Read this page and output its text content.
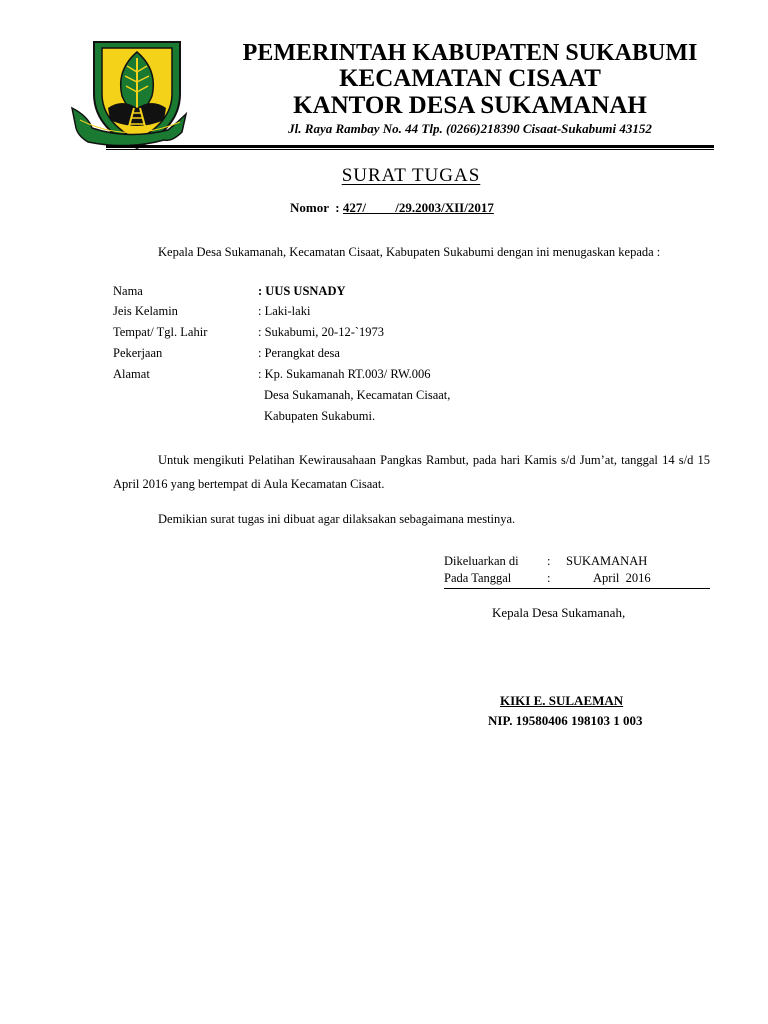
PEMERINTAH KABUPATEN SUKABUMI
KECAMATAN CISAAT
KANTOR DESA SUKAMANAH
Jl. Raya Rambay No. 44 Tlp. (0266)218390 Cisaat-Sukabumi 43152
SURAT TUGAS
Nomor : 427/         /29.2003/XII/2017
Kepala Desa Sukamanah, Kecamatan Cisaat, Kabupaten Sukabumi dengan ini menugaskan kepada :
Nama	: UUS USNADY
Jeis Kelamin	: Laki-laki
Tempat/ Tgl. Lahir	: Sukabumi, 20-12-`1973
Pekerjaan	: Perangkat desa
Alamat	: Kp. Sukamanah RT.003/ RW.006
Desa Sukamanah, Kecamatan Cisaat,
Kabupaten Sukabumi.
Untuk mengikuti Pelatihan Kewirausahaan Pangkas Rambut, pada hari Kamis s/d Jum’at, tanggal 14 s/d 15 April 2016 yang bertempat di Aula Kecamatan Cisaat.
Demikian surat tugas ini dibuat agar dilaksakan sebagaimana mestinya.
Dikeluarkan di : SUKAMANAH
Pada Tanggal	:	April  2016
Kepala Desa Sukamanah,
KIKI E. SULAEMAN
NIP. 19580406 198103 1 003
